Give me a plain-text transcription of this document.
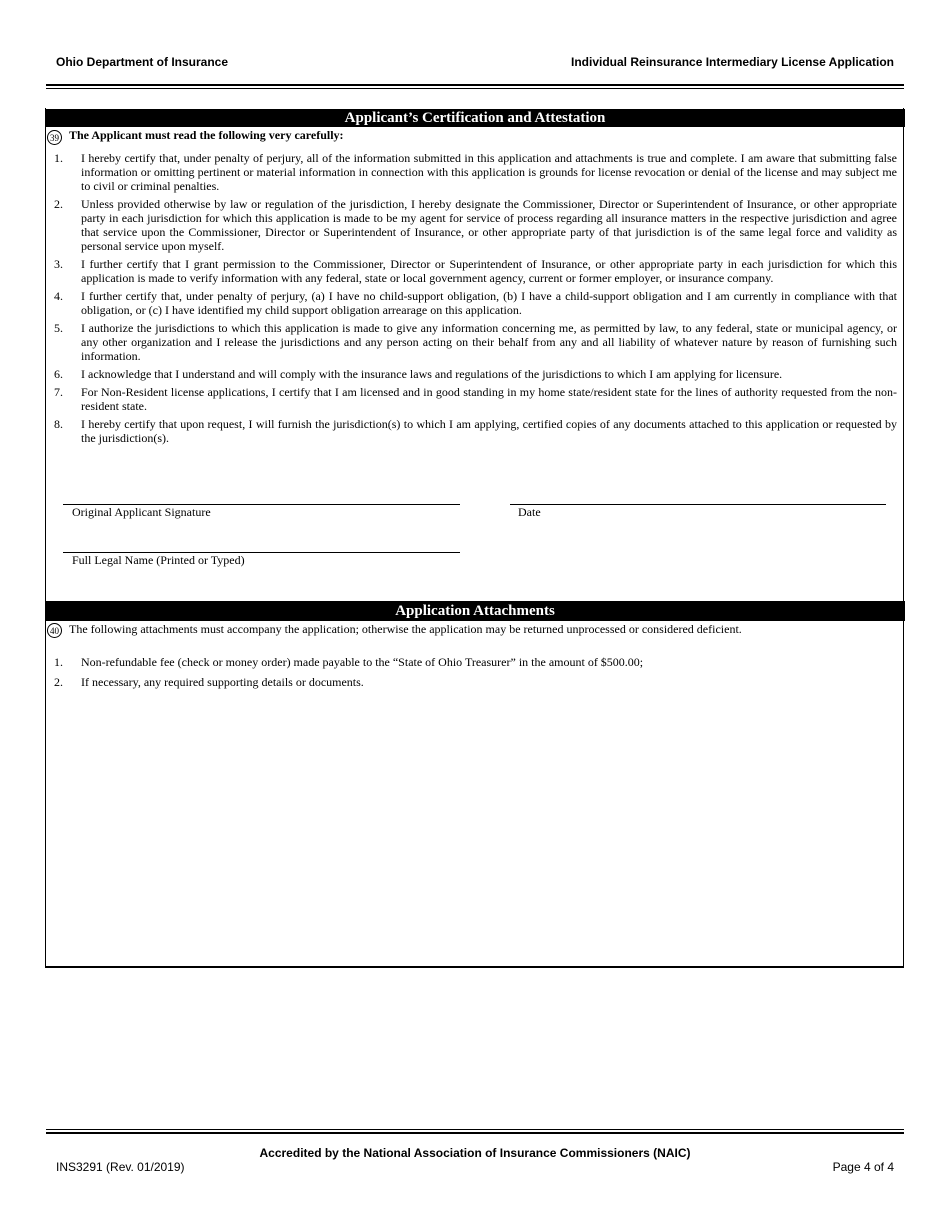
Ohio Department of Insurance	Individual Reinsurance Intermediary License Application
Applicant’s Certification and Attestation
39 The Applicant must read the following very carefully:
1.	I hereby certify that, under penalty of perjury, all of the information submitted in this application and attachments is true and complete. I am aware that submitting false information or omitting pertinent or material information in connection with this application is grounds for license revocation or denial of the license and may subject me to civil or criminal penalties.
2.	Unless provided otherwise by law or regulation of the jurisdiction, I hereby designate the Commissioner, Director or Superintendent of Insurance, or other appropriate party in each jurisdiction for which this application is made to be my agent for service of process regarding all insurance matters in the respective jurisdiction and agree that service upon the Commissioner, Director or Superintendent of Insurance, or other appropriate party of that jurisdiction is of the same legal force and validity as personal service upon myself.
3.	I further certify that I grant permission to the Commissioner, Director or Superintendent of Insurance, or other appropriate party in each jurisdiction for which this application is made to verify information with any federal, state or local government agency, current or former employer, or insurance company.
4.	I further certify that, under penalty of perjury, (a) I have no child-support obligation, (b) I have a child-support obligation and I am currently in compliance with that obligation, or (c) I have identified my child support obligation arrearage on this application.
5.	I authorize the jurisdictions to which this application is made to give any information concerning me, as permitted by law, to any federal, state or municipal agency, or any other organization and I release the jurisdictions and any person acting on their behalf from any and all liability of whatever nature by reason of furnishing such information.
6.	I acknowledge that I understand and will comply with the insurance laws and regulations of the jurisdictions to which I am applying for licensure.
7.	For Non-Resident license applications, I certify that I am licensed and in good standing in my home state/resident state for the lines of authority requested from the non-resident state.
8.	I hereby certify that upon request, I will furnish the jurisdiction(s) to which I am applying, certified copies of any documents attached to this application or requested by the jurisdiction(s).
Original Applicant Signature	Date
Full Legal Name (Printed or Typed)
Application Attachments
40 The following attachments must accompany the application; otherwise the application may be returned unprocessed or considered deficient.
1.	Non-refundable fee (check or money order) made payable to the “State of Ohio Treasurer” in the amount of $500.00;
2.	If necessary, any required supporting details or documents.
Accredited by the National Association of Insurance Commissioners (NAIC)
INS3291 (Rev. 01/2019)	Page 4 of 4
